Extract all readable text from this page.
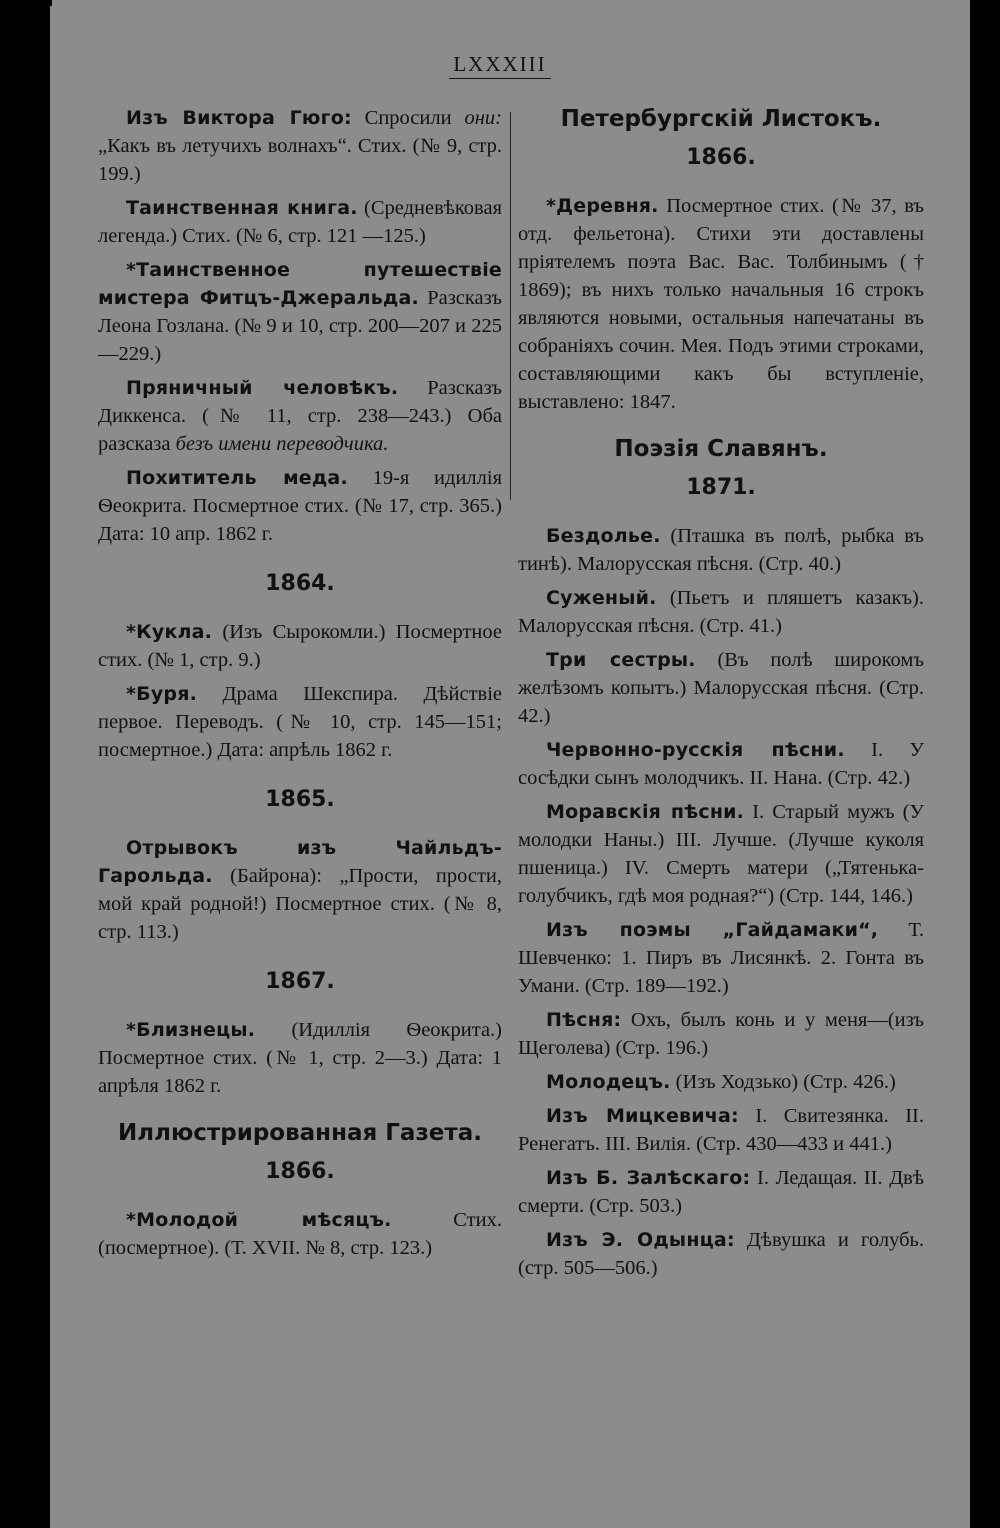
LXXXIII

Изъ Виктора Гюго: Спросили они: „Какъ въ летучихъ волнахъ“. Стих. (№ 9, стр. 199.)

Таинственная книга. (Средневѣковая легенда.) Стих. (№ 6, стр. 121 —125.)

*Таинственное путешествіе мистера Фитцъ-Джеральда. Разсказъ Леона Гозлана. (№ 9 и 10, стр. 200—207 и 225—229.)

Пряничный человѣкъ. Разсказъ Диккенса. (№ 11, стр. 238—243.) Оба разсказа безъ имени переводчика.

Похититель меда. 19-я идиллія Ѳеокрита. Посмертное стих. (№ 17, стр. 365.) Дата: 10 апр. 1862 г.

1864.

*Кукла. (Изъ Сырокомли.) Посмертное стих. (№ 1, стр. 9.)

*Буря. Драма Шекспира. Дѣйствіе первое. Переводъ. (№ 10, стр. 145—151; посмертное.) Дата: апрѣль 1862 г.

1865.

Отрывокъ изъ Чайльдъ-Гарольда. (Байрона): „Прости, прости, мой край родной!) Посмертное стих. (№ 8, стр. 113.)

1867.

*Близнецы. (Идиллія Ѳеокрита.) Посмертное стих. (№ 1, стр. 2—3.) Дата: 1 апрѣля 1862 г.

Иллюстрированная Газета.
1866.

*Молодой мѣсяцъ. Стих. (посмертное). (Т. XVII. № 8, стр. 123.)

Петербургскій Листокъ.
1866.

*Деревня. Посмертное стих. (№ 37, въ отд. фельетона). Стихи эти доставлены пріятелемъ поэта Вас. Вас. Толбинымъ († 1869); въ нихъ только начальныя 16 строкъ являются новыми, остальныя напечатаны въ собраніяхъ сочин. Мея. Подъ этими строками, составляющими какъ бы вступленіе, выставлено: 1847.

Поэзія Славянъ.
1871.

Бездолье. (Пташка въ полѣ, рыбка въ тинѣ). Малорусская пѣсня. (Стр. 40.)

Суженый. (Пьетъ и пляшетъ казакъ). Малорусская пѣсня. (Стр. 41.)

Три сестры. (Въ полѣ широкомъ желѣзомъ копытъ.) Малорусская пѣсня. (Стр. 42.)

Червонно-русскія пѣсни. I. У сосѣдки сынъ молодчикъ. II. Нана. (Стр. 42.)

Моравскія пѣсни. I. Старый мужъ (У молодки Наны.) III. Лучше. (Лучше куколя пшеница.) IV. Смерть матери („Тятенька-голубчикъ, гдѣ моя родная?“) (Стр. 144, 146.)

Изъ поэмы „Гайдамаки“, Т. Шевченко: 1. Пиръ въ Лисянкѣ. 2. Гонта въ Умани. (Стр. 189—192.)

Пѣсня: Охъ, былъ конь и у меня—(изъ Щеголева) (Стр. 196.)

Молодецъ. (Изъ Ходзько) (Стр. 426.)

Изъ Мицкевича: I. Свитезянка. II. Ренегатъ. III. Вилія. (Стр. 430—433 и 441.)

Изъ Б. Залѣскаго: I. Ледащая. II. Двѣ смерти. (Стр. 503.)

Изъ Э. Одынца: Дѣвушка и голубь. (стр. 505—506.)
